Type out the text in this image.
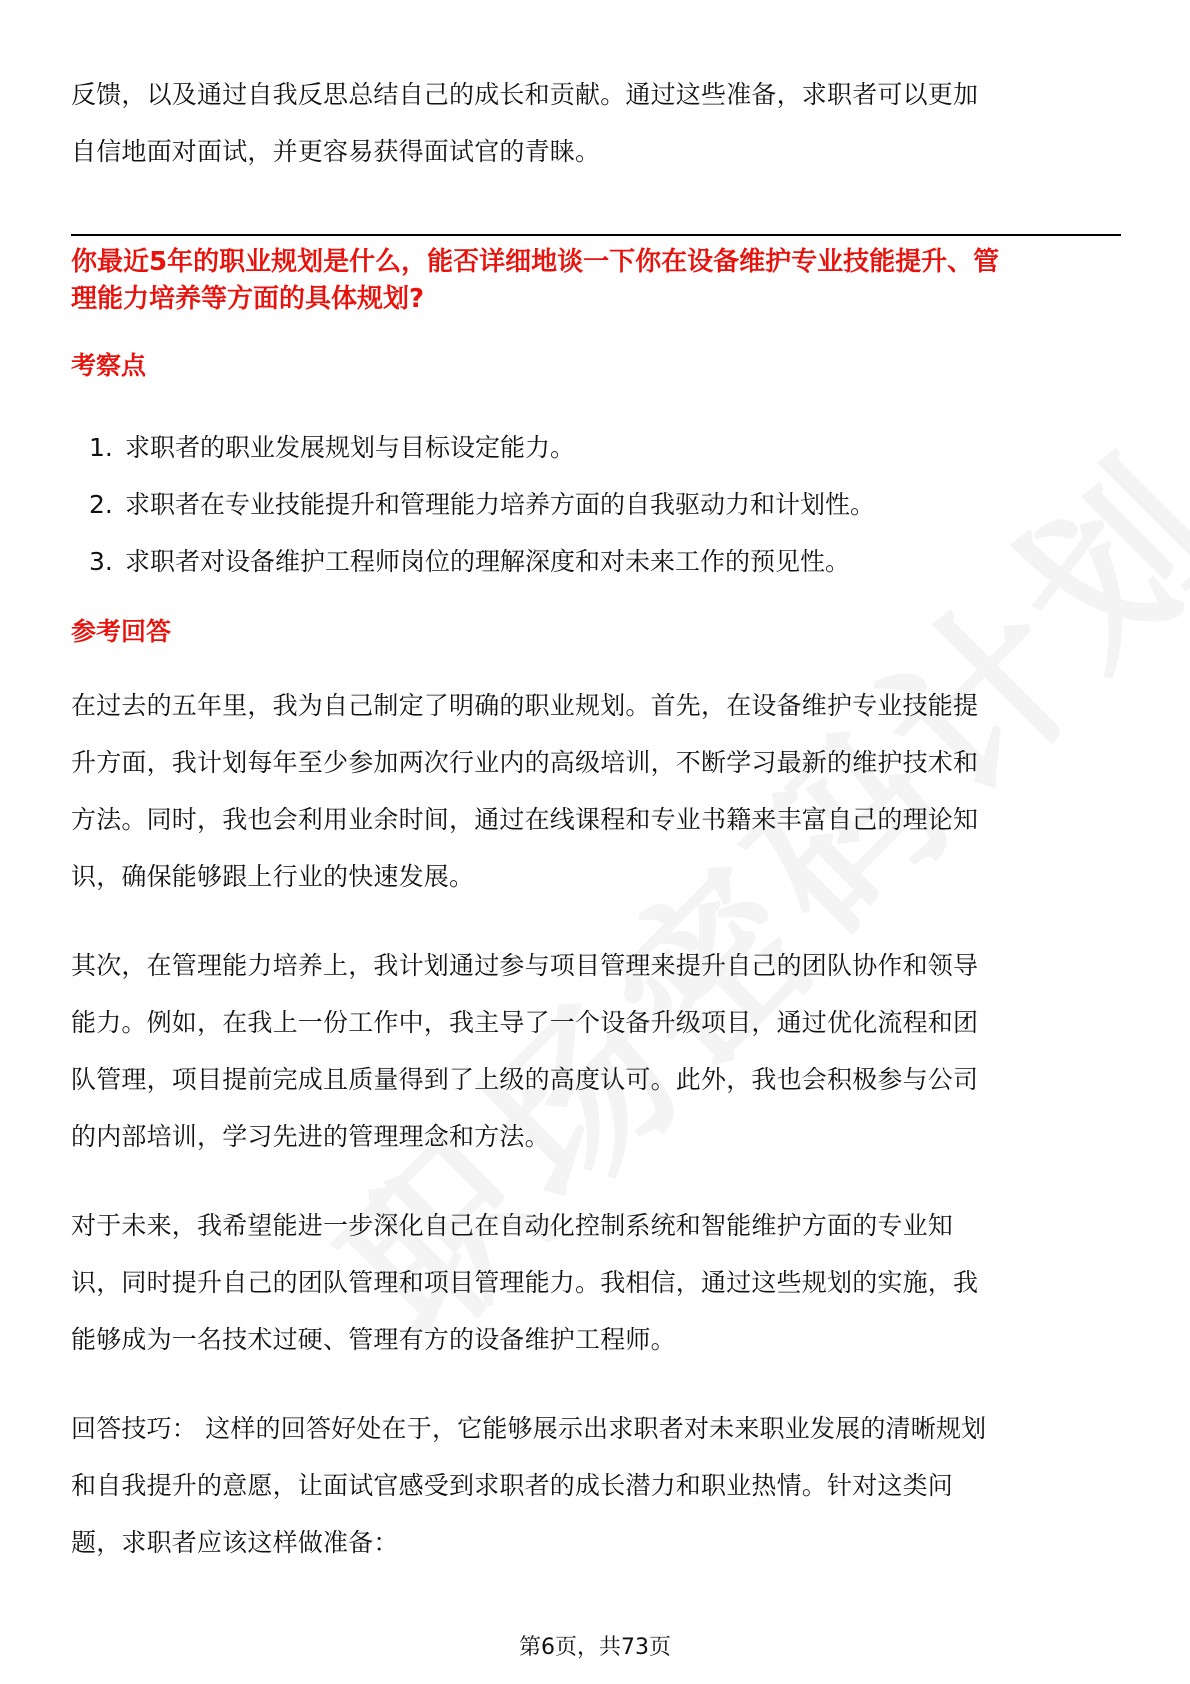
反馈，以及通过自我反思总结自己的成长和贡献。通过这些准备，求职者可以更加
自信地面对面试，并更容易获得面试官的青睐。

你最近5年的职业规划是什么，能否详细地谈一下你在设备维护专业技能提升、管
理能力培养等方面的具体规划?
考察点
1. 求职者的职业发展规划与目标设定能力。
2. 求职者在专业技能提升和管理能力培养方面的自我驱动力和计划性。
3. 求职者对设备维护工程师岗位的理解深度和对未来工作的预见性。
参考回答

在过去的五年里，我为自己制定了明确的职业规划。首先，在设备维护专业技能提
升方面，我计划每年至少参加两次行业内的高级培训，不断学习最新的维护技术和
方法。同时，我也会利用业余时间，通过在线课程和专业书籍来丰富自己的理论知
识，确保能够跟上行业的快速发展。

其次，在管理能力培养上，我计划通过参与项目管理来提升自己的团队协作和领导
能力。例如，在我上一份工作中，我主导了一个设备升级项目，通过优化流程和团
队管理，项目提前完成且质量得到了上级的高度认可。此外，我也会积极参与公司
的内部培训，学习先进的管理理念和方法。

对于未来，我希望能进一步深化自己在自动化控制系统和智能维护方面的专业知
识，同时提升自己的团队管理和项目管理能力。我相信，通过这些规划的实施，我
能够成为一名技术过硬、管理有方的设备维护工程师。

回答技巧： 这样的回答好处在于，它能够展示出求职者对未来职业发展的清晰规划
和自我提升的意愿，让面试官感受到求职者的成长潜力和职业热情。针对这类问
题，求职者应该这样做准备：

第6页，共73页
